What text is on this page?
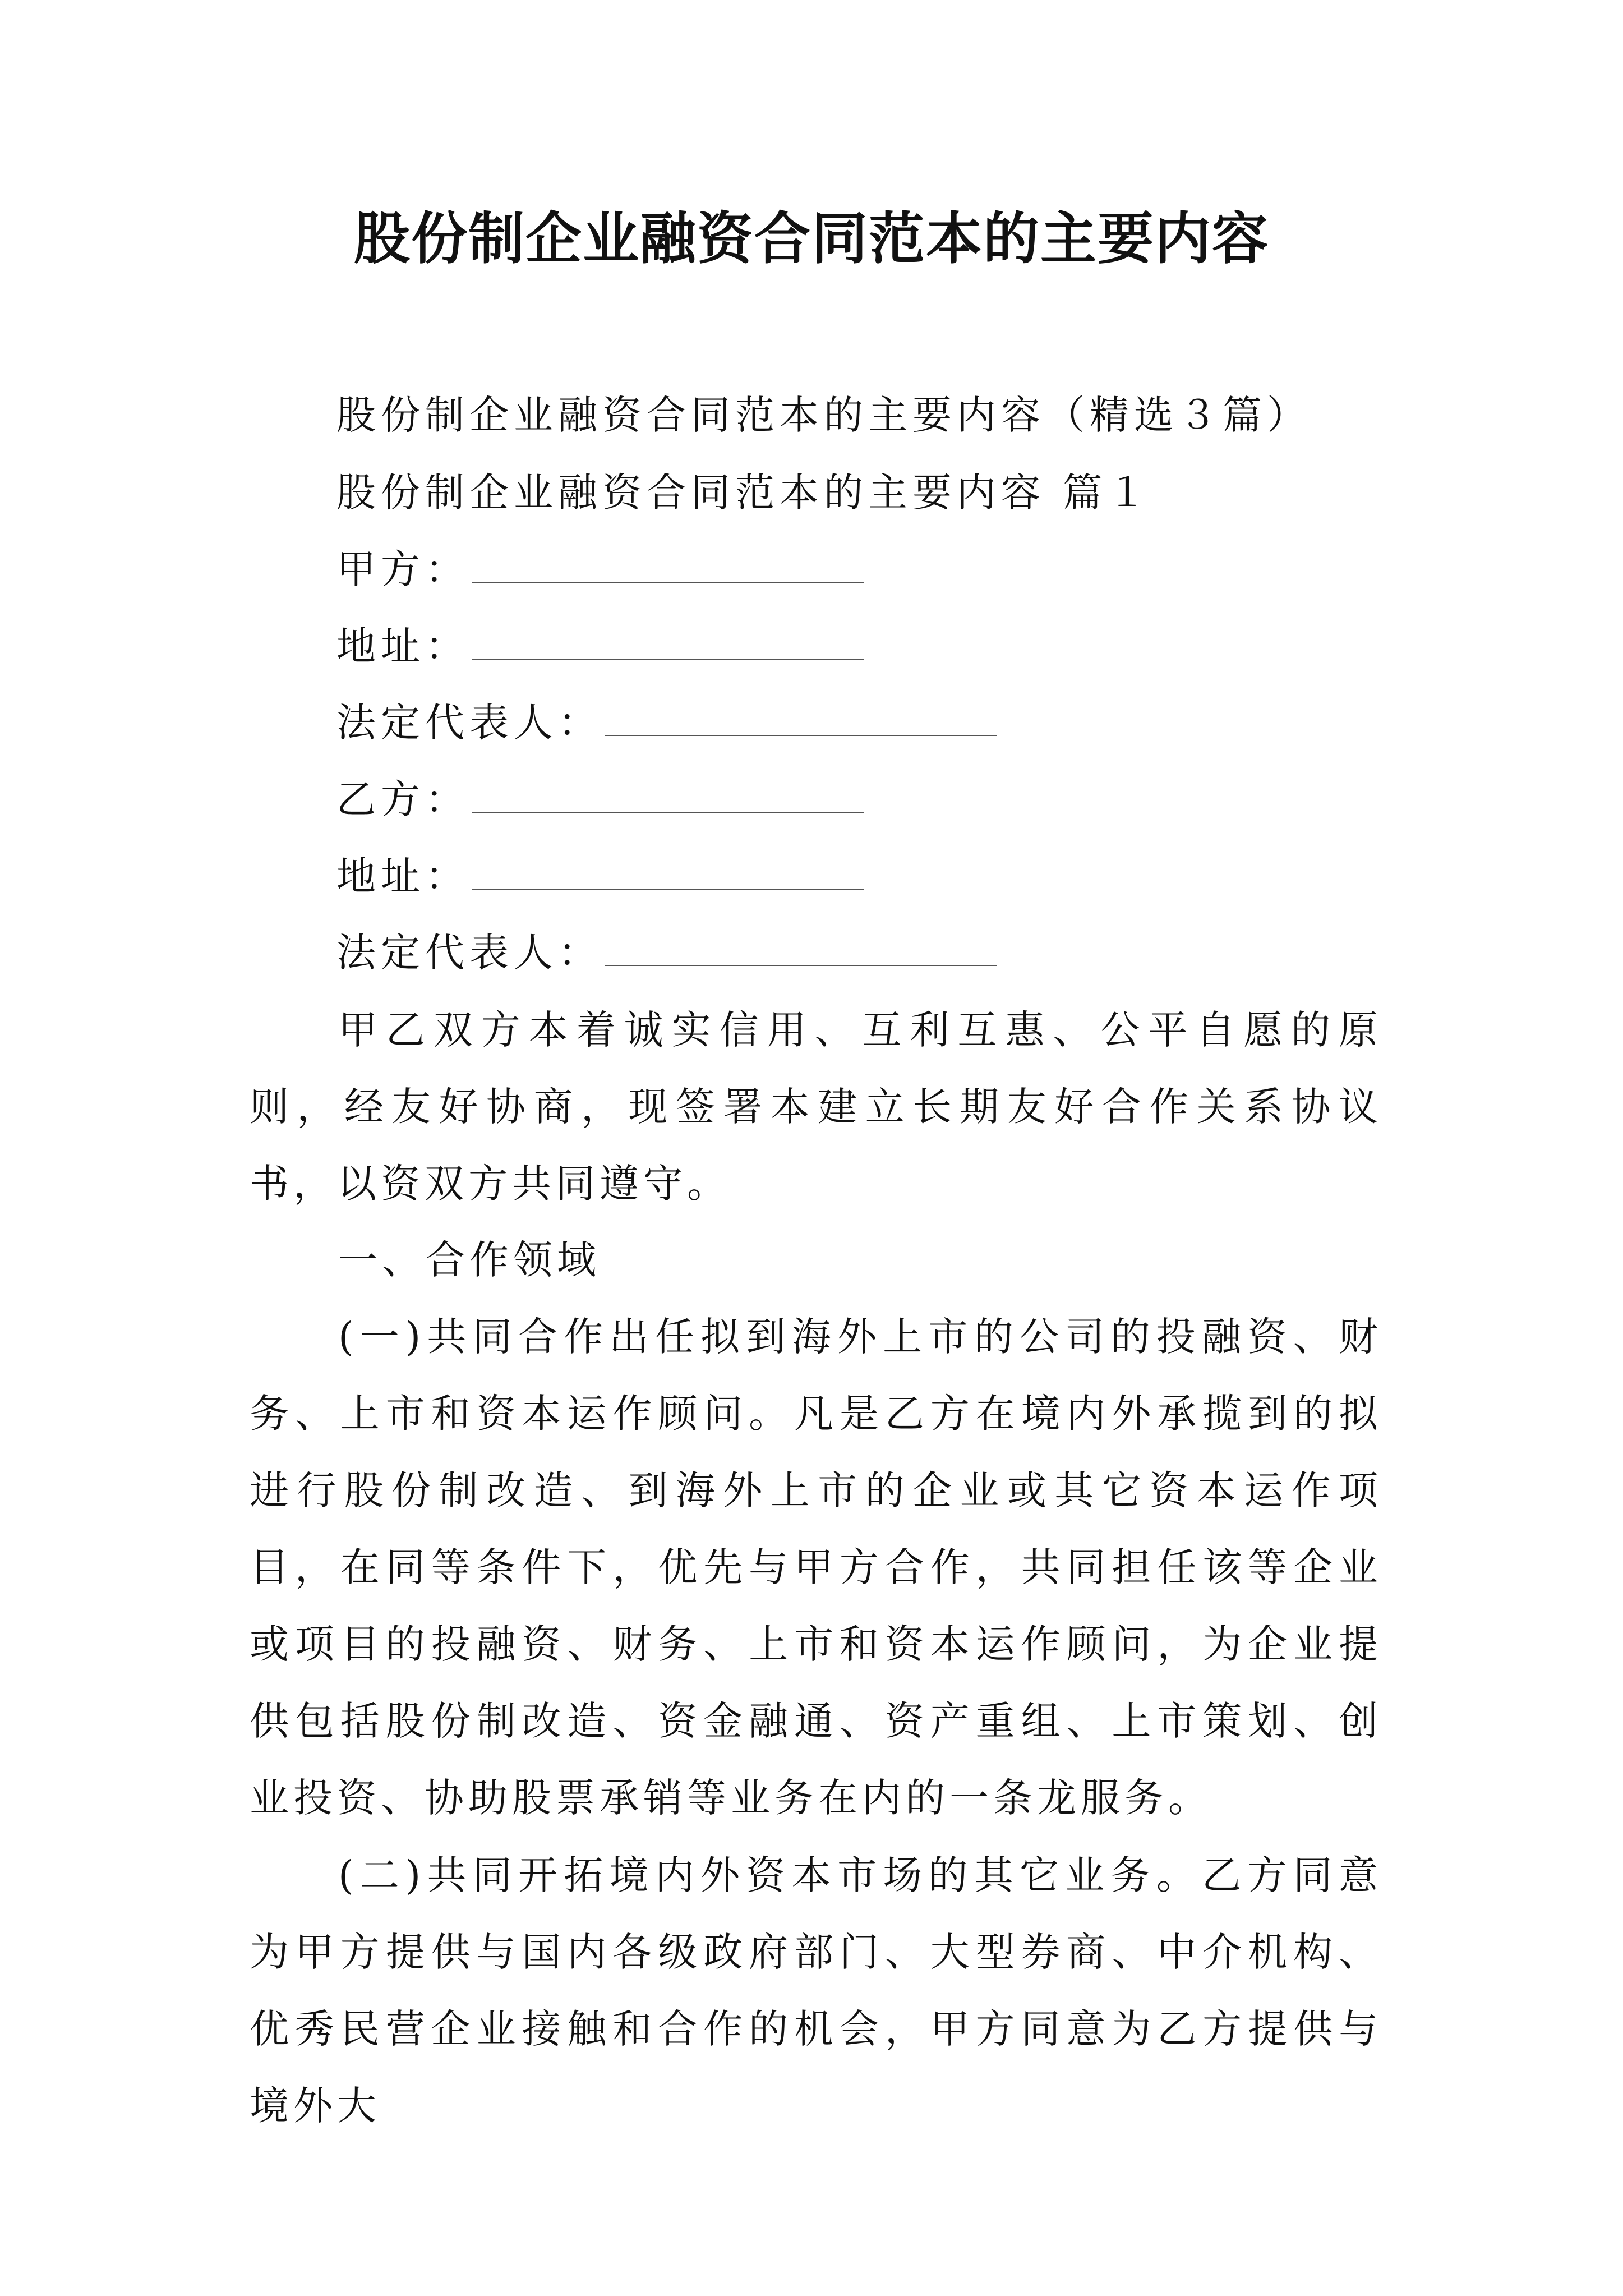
股份制企业融资合同范本的主要内容
股份制企业融资合同范本的主要内容（精选３篇）
股份制企业融资合同范本的主要内容 篇１
甲方：
地址：
法定代表人：
乙方：
地址：
法定代表人：

甲乙双方本着诚实信用、互利互惠、公平自愿的原则，经友好协商，现签署本建立长期友好合作关系协议书，以资双方共同遵守。

一、合作领域

(一)共同合作出任拟到海外上市的公司的投融资、财务、上市和资本运作顾问。凡是乙方在境内外承揽到的拟进行股份制改造、到海外上市的企业或其它资本运作项目，在同等条件下，优先与甲方合作，共同担任该等企业或项目的投融资、财务、上市和资本运作顾问，为企业提供包括股份制改造、资金融通、资产重组、上市策划、创业投资、协助股票承销等业务在内的一条龙服务。

(二)共同开拓境内外资本市场的其它业务。乙方同意为甲方提供与国内各级政府部门、大型券商、中介机构、优秀民营企业接触和合作的机会，甲方同意为乙方提供与境外大
